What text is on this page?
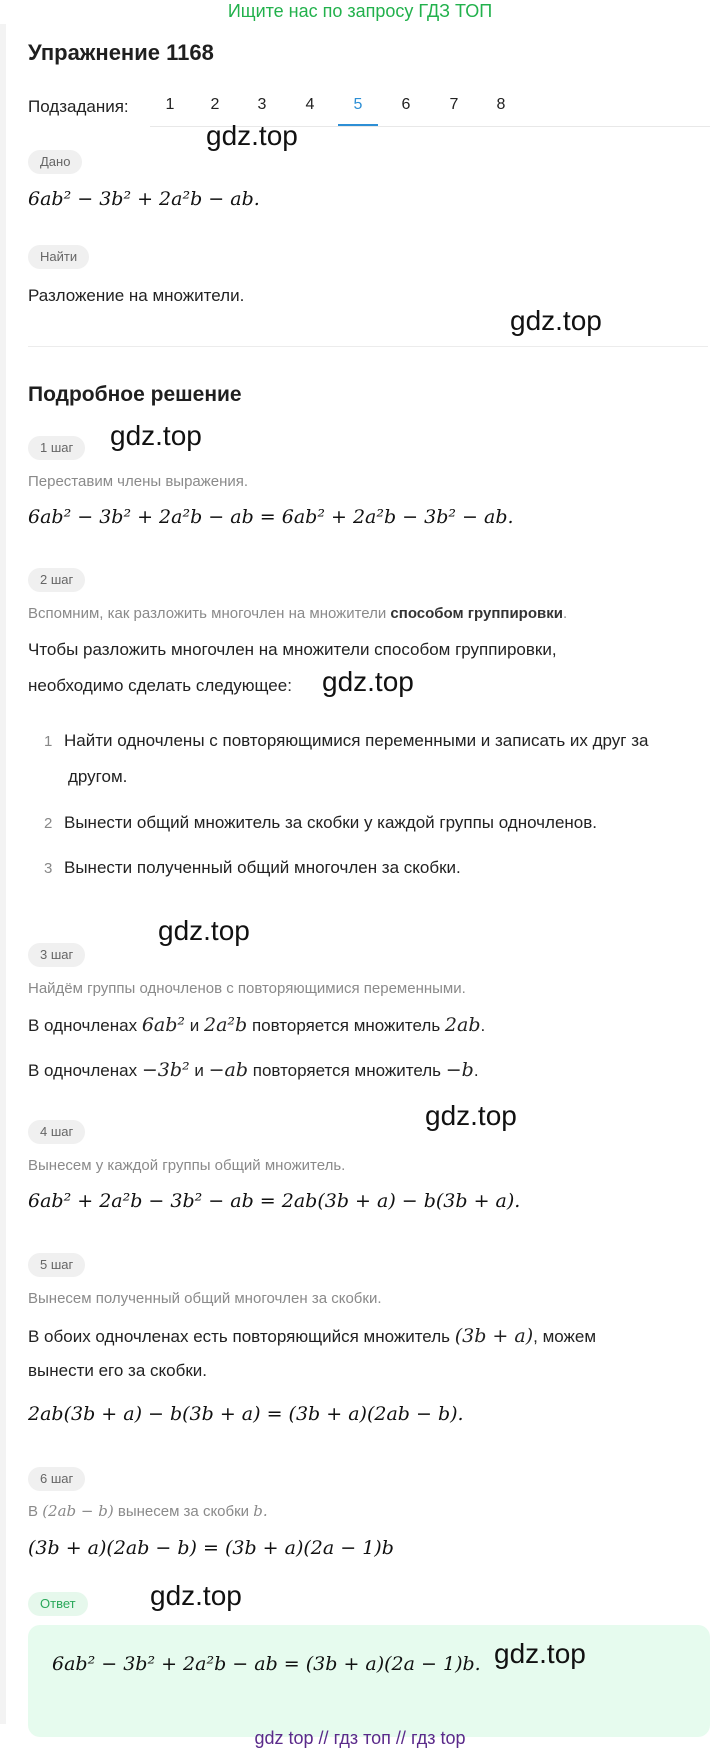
Ищите нас по запросу ГДЗ ТОП
Упражнение 1168
Подзадания:	1	2	3	4	5	6	7	8
gdz.top
Дано
6ab² − 3b² + 2a²b − ab.
Найти
Разложение на множители.
gdz.top
Подробное решение
1 шаг	gdz.top
Переставим члены выражения.
6ab² − 3b² + 2a²b − ab = 6ab² + 2a²b − 3b² − ab.
2 шаг
Вспомним, как разложить многочлен на множители способом группировки.
Чтобы разложить многочлен на множители способом группировки,
необходимо сделать следующее: gdz.top
1 Найти одночлены с повторяющимися переменными и записать их друг за
другом.
2 Вынести общий множитель за скобки у каждой группы одночленов.
3 Вынести полученный общий многочлен за скобки.
gdz.top
3 шаг
Найдём группы одночленов с повторяющимися переменными.
В одночленах 6ab² и 2a²b повторяется множитель 2ab.
В одночленах −3b² и −ab повторяется множитель −b.
gdz.top
4 шаг
Вынесем у каждой группы общий множитель.
6ab² + 2a²b − 3b² − ab = 2ab(3b + a) − b(3b + a).
5 шаг
Вынесем полученный общий многочлен за скобки.
В обоих одночленах есть повторяющийся множитель (3b + a), можем
вынести его за скобки.
2ab(3b + a) − b(3b + a) = (3b + a)(2ab − b).
6 шаг
В (2ab − b) вынесем за скобки b.
(3b + a)(2ab − b) = (3b + a)(2a − 1)b
Ответ	gdz.top
6ab² − 3b² + 2a²b − ab = (3b + a)(2a − 1)b. gdz.top
gdz top // гдз топ // гдз top
